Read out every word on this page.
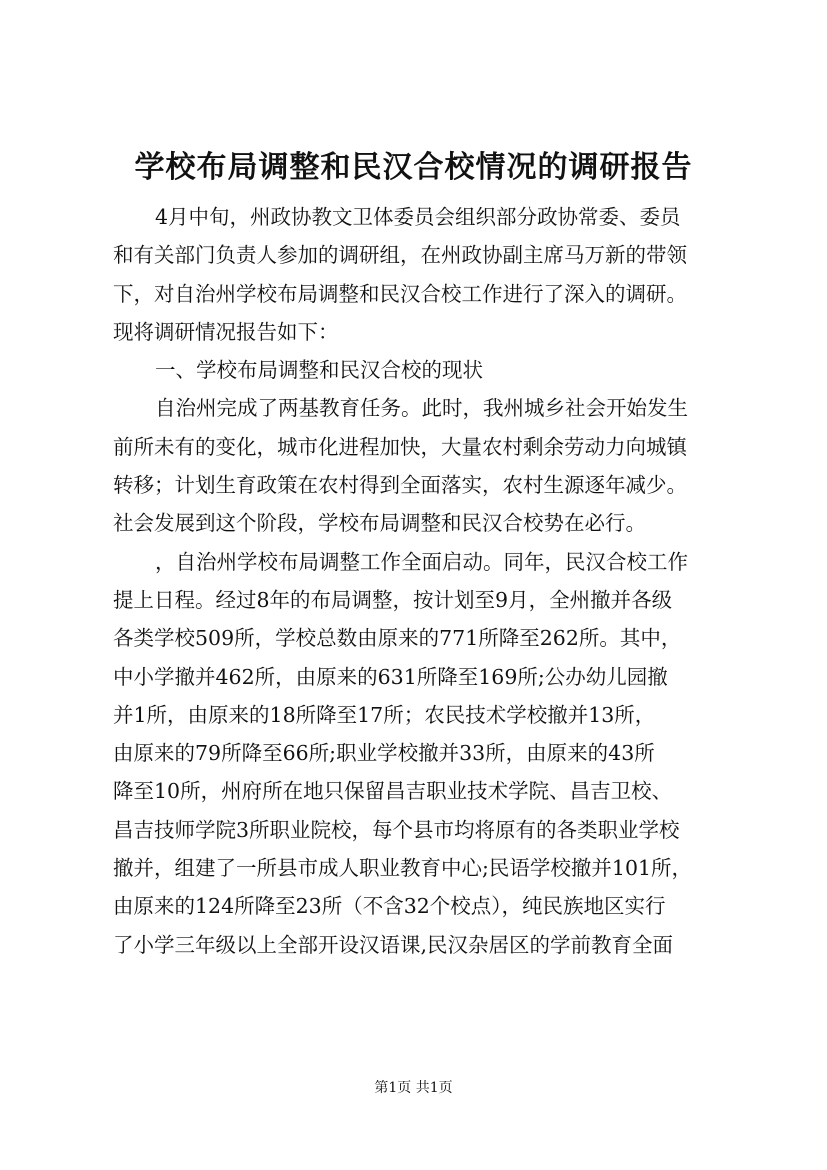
学校布局调整和民汉合校情况的调研报告
4月中旬，州政协教文卫体委员会组织部分政协常委、委员
和有关部门负责人参加的调研组，在州政协副主席马万新的带领
下，对自治州学校布局调整和民汉合校工作进行了深入的调研。
现将调研情况报告如下：
一、学校布局调整和民汉合校的现状
自治州完成了两基教育任务。此时，我州城乡社会开始发生
前所未有的变化，城市化进程加快，大量农村剩余劳动力向城镇
转移；计划生育政策在农村得到全面落实，农村生源逐年减少。
社会发展到这个阶段，学校布局调整和民汉合校势在必行。
，自治州学校布局调整工作全面启动。同年，民汉合校工作
提上日程。经过8年的布局调整，按计划至9月，全州撤并各级
各类学校509所，学校总数由原来的771所降至262所。其中，
中小学撤并462所，由原来的631所降至169所;公办幼儿园撤
并1所，由原来的18所降至17所；农民技术学校撤并13所，
由原来的79所降至66所;职业学校撤并33所，由原来的43所
降至10所，州府所在地只保留昌吉职业技术学院、昌吉卫校、
昌吉技师学院3所职业院校，每个县市均将原有的各类职业学校
撤并，组建了一所县市成人职业教育中心;民语学校撤并101所，
由原来的124所降至23所（不含32个校点），纯民族地区实行
了小学三年级以上全部开设汉语课,民汉杂居区的学前教育全面
第1页 共1页
